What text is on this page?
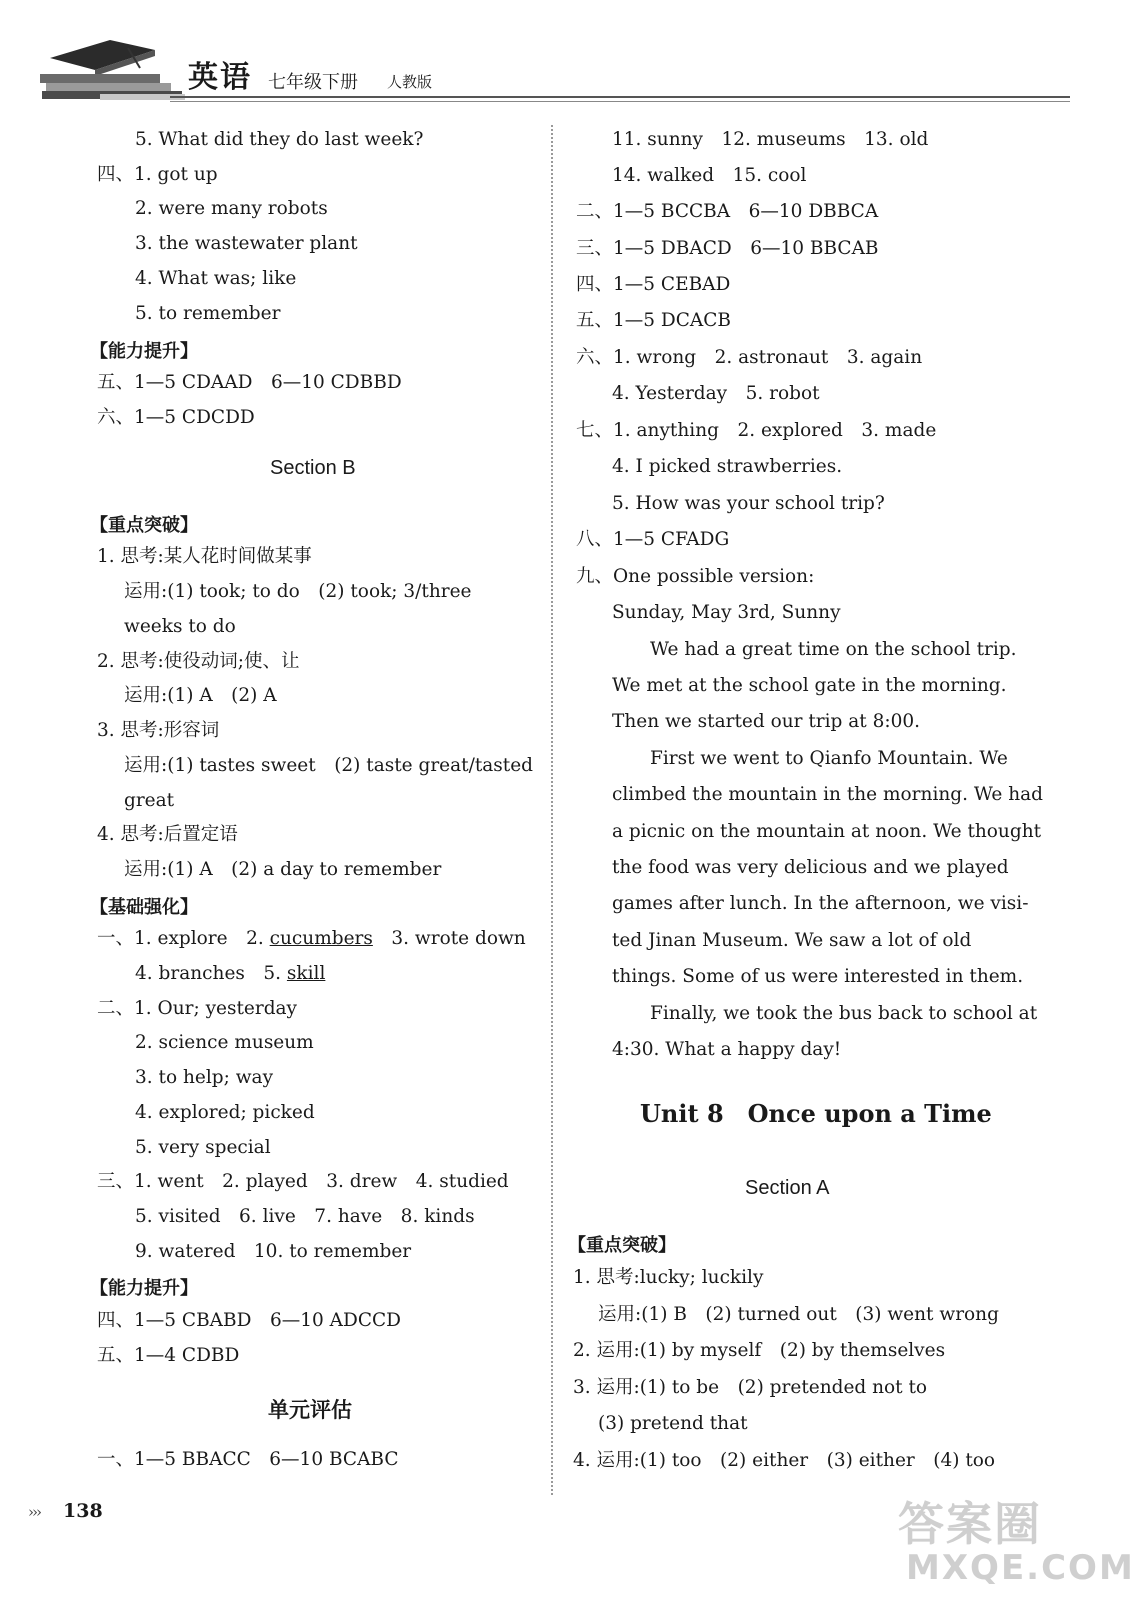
英语 七年级下册 人教版
5. What did they do last week?
四、1. got up
2. were many robots
3. the wastewater plant
4. What was; like
5. to remember
【能力提升】
五、1—5 CDAAD　6—10 CDBBD
六、1—5 CDCDD
Section B
【重点突破】
1. 思考:某人花时间做某事
运用:(1) took; to do　(2) took; 3/three
weeks to do
2. 思考:使役动词;使、让
运用:(1) A　(2) A
3. 思考:形容词
运用:(1) tastes sweet　(2) taste great/tasted
great
4. 思考:后置定语
运用:(1) A　(2) a day to remember
【基础强化】
一、1. explore　2. cucumbers　3. wrote down
4. branches　5. skill
二、1. Our; yesterday
2. science museum
3. to help; way
4. explored; picked
5. very special
三、1. went　2. played　3. drew　4. studied
5. visited　6. live　7. have　8. kinds
9. watered　10. to remember
【能力提升】
四、1—5 CBABD　6—10 ADCCD
五、1—4 CDBD
单元评估
一、1—5 BBACC　6—10 BCABC
11. sunny　12. museums　13. old
14. walked　15. cool
二、1—5 BCCBA　6—10 DBBCA
三、1—5 DBACD　6—10 BBCAB
四、1—5 CEBAD
五、1—5 DCACB
六、1. wrong　2. astronaut　3. again
4. Yesterday　5. robot
七、1. anything　2. explored　3. made
4. I picked strawberries.
5. How was your school trip?
八、1—5 CFADG
九、One possible version:
Sunday, May 3rd, Sunny
We had a great time on the school trip.
We met at the school gate in the morning.
Then we started our trip at 8:00.
First we went to Qianfo Mountain. We
climbed the mountain in the morning. We had
a picnic on the mountain at noon. We thought
the food was very delicious and we played
games after lunch. In the afternoon, we visi-
ted Jinan Museum. We saw a lot of old
things. Some of us were interested in them.
Finally, we took the bus back to school at
4:30. What a happy day!
Unit 8　Once upon a Time
Section A
【重点突破】
1. 思考:lucky; luckily
运用:(1) B　(2) turned out　(3) went wrong
2. 运用:(1) by myself　(2) by themselves
3. 运用:(1) to be　(2) pretended not to
(3) pretend that
4. 运用:(1) too　(2) either　(3) either　(4) too
››› 138	答案圈
MXQE.COM
